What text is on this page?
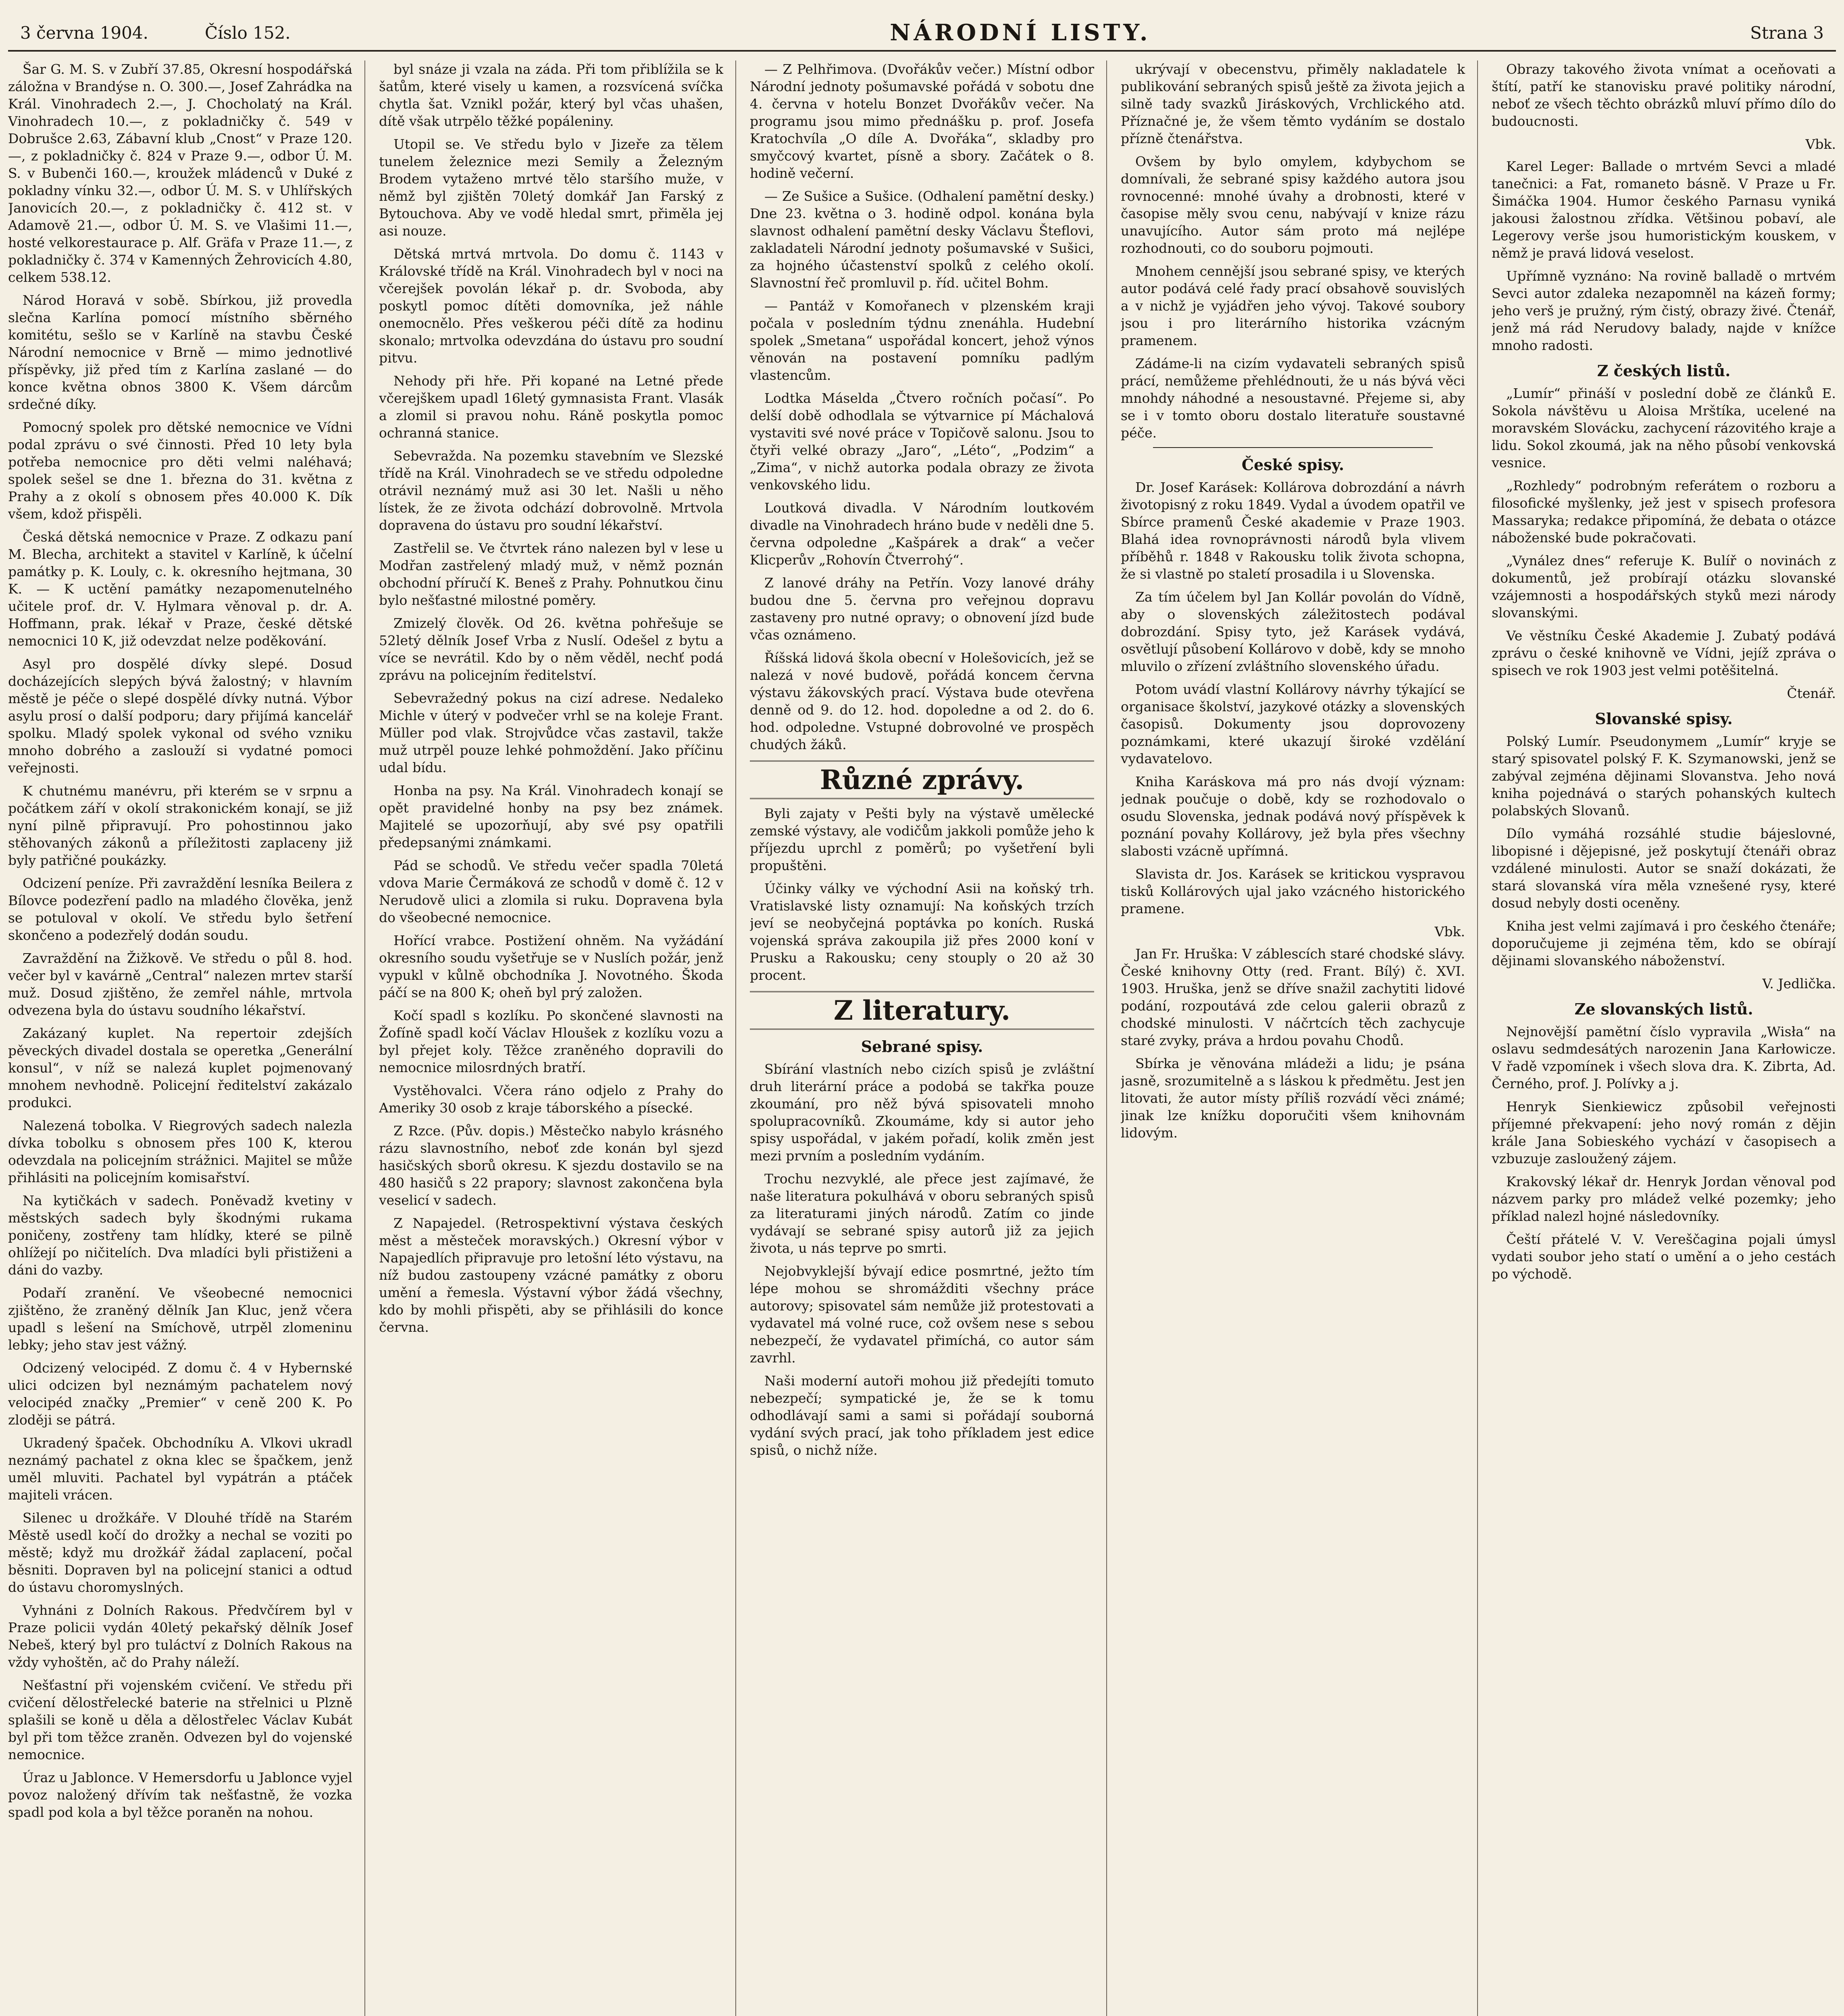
3 června 1904.	Číslo 152.	NÁRODNÍ LISTY.	Strana 3

Šar G. M. S. v Zubří 37.85, Okresní hospodářská záložna v Brandýse n. O. 300.—, Josef Zahrádka na Král. Vinohradech 2.—, J. Chocholatý na Král. Vinohradech 10.—, z pokladničky č. 549 v Dobrušce 2.63, Zábavní klub „Cnost“ v Praze 120.—, z pokladničky č. 824 v Praze 9.—, odbor Ú. M. S. v Bubenči 160.—, kroužek mládenců v Duké z pokladny vínku 32.—, odbor Ú. M. S. v Uhlířských Janovicích 20.—, z pokladničky č. 412 st. v Adamově 21.—, odbor Ú. M. S. ve Vlašimi 11.—, hosté velkorestaurace p. Alf. Gräfa v Praze 11.—, z pokladničky č. 374 v Kamenných Žehrovicích 4.80, celkem 538.12.

Národ Horavá v sobě. Sbírkou, již provedla slečna Karlína pomocí místního sběrného komitétu, sešlo se v Karlíně na stavbu České Národní nemocnice v Brně — mimo jednotlivé příspěvky, již před tím z Karlína zaslané — do konce května obnos 3800 K. Všem dárcům srdečné díky.

Pomocný spolek pro dětské nemocnice ve Vídni podal zprávu o své činnosti. Před 10 lety byla potřeba nemocnice pro děti velmi naléhavá; spolek sešel se dne 1. března do 31. května z Prahy a z okolí s obnosem přes 40.000 K. Dík všem, kdož přispěli.

Česká dětská nemocnice v Praze. Z odkazu paní M. Blecha, architekt a stavitel v Karlíně, k účelní památky p. K. Louly, c. k. okresního hejtmana, 30 K. — K uctění památky nezapomenutelného učitele prof. dr. V. Hylmara věnoval p. dr. A. Hoffmann, prak. lékař v Praze, české dětské nemocnici 10 K, již odevzdat nelze poděkování.

Asyl pro dospělé dívky slepé. Dosud docházejících slepých bývá žalostný; v hlavním městě je péče o slepé dospělé dívky nutná. Výbor asylu prosí o další podporu; dary přijímá kancelář spolku. Mladý spolek vykonal od svého vzniku mnoho dobrého a zaslouží si vydatné pomoci veřejnosti.

K chutnému manévru, při kterém se v srpnu a počátkem září v okolí strakonickém konají, se již nyní pilně připravují. Pro pohostinnou jako stěhovaných zákonů a příležitosti zaplaceny již byly patřičné poukázky.

Odcizení peníze. Při zavraždění lesníka Beilera z Bílovce podezření padlo na mladého člověka, jenž se potuloval v okolí. Ve středu bylo šetření skončeno a podezřelý dodán soudu.

Zavraždění na Žižkově. Ve středu o půl 8. hod. večer byl v kavárně „Central“ nalezen mrtev starší muž. Dosud zjištěno, že zemřel náhle, mrtvola odvezena byla do ústavu soudního lékařství.

Zakázaný kuplet. Na repertoir zdejších pěveckých divadel dostala se operetka „Generální konsul“, v níž se nalezá kuplet pojmenovaný mnohem nevhodně. Policejní ředitelství zakázalo produkci.

Nalezená tobolka. V Riegrových sadech nalezla dívka tobolku s obnosem přes 100 K, kterou odevzdala na policejním strážnici. Majitel se může přihlásiti na policejním komisařství.

Na kytičkách v sadech. Poněvadž kvetiny v městských sadech byly škodnými rukama poničeny, zostřeny tam hlídky, které se pilně ohlížejí po ničitelích. Dva mladíci byli přistiženi a dáni do vazby.

Podaří zranění. Ve všeobecné nemocnici zjištěno, že zraněný dělník Jan Kluc, jenž včera upadl s lešení na Smíchově, utrpěl zlomeninu lebky; jeho stav jest vážný.

Odcizený velocipéd. Z domu č. 4 v Hybernské ulici odcizen byl neznámým pachatelem nový velocipéd značky „Premier“ v ceně 200 K. Po zloději se pátrá.

Ukradený špaček. Obchodníku A. Vlkovi ukradl neznámý pachatel z okna klec se špačkem, jenž uměl mluviti. Pachatel byl vypátrán a ptáček majiteli vrácen.

Silenec u drožkáře. V Dlouhé třídě na Starém Městě usedl kočí do drožky a nechal se voziti po městě; když mu drožkář žádal zaplacení, počal běsniti. Dopraven byl na policejní stanici a odtud do ústavu choromyslných.

Vyhnáni z Dolních Rakous. Předvčírem byl v Praze policii vydán 40letý pekařský dělník Josef Nebeš, který byl pro tuláctví z Dolních Rakous na vždy vyhoštěn, ač do Prahy náleží.

Nešťastní při vojenském cvičení. Ve středu při cvičení dělostřelecké baterie na střelnici u Plzně splašili se koně u děla a dělostřelec Václav Kubát byl při tom těžce zraněn. Odvezen byl do vojenské nemocnice.

Úraz u Jablonce. V Hemersdorfu u Jablonce vyjel povoz naložený dřívím tak nešťastně, že vozka spadl pod kola a byl těžce poraněn na nohou.

byl snáze ji vzala na záda. Při tom přiblížila se k šatům, které visely u kamen, a rozsvícená svíčka chytla šat. Vznikl požár, který byl včas uhašen, dítě však utrpělo těžké popáleniny.

Utopil se. Ve středu bylo v Jizeře za tělem tunelem železnice mezi Semily a Železným Brodem vytaženo mrtvé tělo staršího muže, v němž byl zjištěn 70letý domkář Jan Farský z Bytouchova. Aby ve vodě hledal smrt, přiměla jej asi nouze.

Dětská mrtvá mrtvola. Do domu č. 1143 v Královské třídě na Král. Vinohradech byl v noci na včerejšek povolán lékař p. dr. Svoboda, aby poskytl pomoc dítěti domovníka, jež náhle onemocnělo. Přes veškerou péči dítě za hodinu skonalo; mrtvolka odevzdána do ústavu pro soudní pitvu.

Nehody při hře. Při kopané na Letné přede včerejškem upadl 16letý gymnasista Frant. Vlasák a zlomil si pravou nohu. Ráně poskytla pomoc ochranná stanice.

Sebevražda. Na pozemku stavebním ve Slezské třídě na Král. Vinohradech se ve středu odpoledne otrávil neznámý muž asi 30 let. Našli u něho lístek, že ze života odchází dobrovolně. Mrtvola dopravena do ústavu pro soudní lékařství.

Zastřelil se. Ve čtvrtek ráno nalezen byl v lese u Modřan zastřelený mladý muž, v němž poznán obchodní příručí K. Beneš z Prahy. Pohnutkou činu bylo nešťastné milostné poměry.

Zmizelý člověk. Od 26. května pohřešuje se 52letý dělník Josef Vrba z Nuslí. Odešel z bytu a více se nevrátil. Kdo by o něm věděl, nechť podá zprávu na policejním ředitelství.

Sebevražedný pokus na cizí adrese. Nedaleko Michle v úterý v podvečer vrhl se na koleje Frant. Müller pod vlak. Strojvůdce včas zastavil, takže muž utrpěl pouze lehké pohmoždění. Jako příčinu udal bídu.

Honba na psy. Na Král. Vinohradech konají se opět pravidelné honby na psy bez známek. Majitelé se upozorňují, aby své psy opatřili předepsanými známkami.

Pád se schodů. Ve středu večer spadla 70letá vdova Marie Čermáková ze schodů v domě č. 12 v Nerudově ulici a zlomila si ruku. Dopravena byla do všeobecné nemocnice.

Hořící vrabce. Postižení ohněm. Na vyžádání okresního soudu vyšetřuje se v Nuslích požár, jenž vypukl v kůlně obchodníka J. Novotného. Škoda páčí se na 800 K; oheň byl prý založen.

Kočí spadl s kozlíku. Po skončené slavnosti na Žofíně spadl kočí Václav Hloušek z kozlíku vozu a byl přejet koly. Těžce zraněného dopravili do nemocnice milosrdných bratří.

Vystěhovalci. Včera ráno odjelo z Prahy do Ameriky 30 osob z kraje táborského a písecké.

Z Rzce. (Pův. dopis.) Městečko nabylo krásného rázu slavnostního, neboť zde konán byl sjezd hasičských sborů okresu. K sjezdu dostavilo se na 480 hasičů s 22 prapory; slavnost zakončena byla veselicí v sadech.

Z Napajedel. (Retrospektivní výstava českých měst a městeček moravských.) Okresní výbor v Napajedlích připravuje pro letošní léto výstavu, na níž budou zastoupeny vzácné památky z oboru umění a řemesla. Výstavní výbor žádá všechny, kdo by mohli přispěti, aby se přihlásili do konce června.

— Z Pelhřimova. (Dvořákův večer.) Místní odbor Národní jednoty pošumavské pořádá v sobotu dne 4. června v hotelu Bonzet Dvořákův večer. Na programu jsou mimo přednášku p. prof. Josefa Kratochvíla „O díle A. Dvořáka“, skladby pro smyčcový kvartet, písně a sbory. Začátek o 8. hodině večerní.

— Ze Sušice a Sušice. (Odhalení pamětní desky.) Dne 23. května o 3. hodině odpol. konána byla slavnost odhalení pamětní desky Václavu Šteflovi, zakladateli Národní jednoty pošumavské v Sušici, za hojného účastenství spolků z celého okolí. Slavnostní řeč promluvil p. říd. učitel Bohm.

— Pantáž v Komořanech v plzenském kraji počala v posledním týdnu znenáhla. Hudební spolek „Smetana“ uspořádal koncert, jehož výnos věnován na postavení pomníku padlým vlastencům.

Lodtka Máselda „Čtvero ročních počasí“. Po delší době odhodlala se výtvarnice pí Máchalová vystaviti své nové práce v Topičově salonu. Jsou to čtyři velké obrazy „Jaro“, „Léto“, „Podzim“ a „Zima“, v nichž autorka podala obrazy ze života venkovského lidu.

Loutková divadla. V Národním loutkovém divadle na Vinohradech hráno bude v neděli dne 5. června odpoledne „Kašpárek a drak“ a večer Klicperův „Rohovín Čtverrohý“.

Z lanové dráhy na Petřín. Vozy lanové dráhy budou dne 5. června pro veřejnou dopravu zastaveny pro nutné opravy; o obnovení jízd bude včas oznámeno.

Říšská lidová škola obecní v Holešovicích, jež se nalezá v nové budově, pořádá koncem června výstavu žákovských prací. Výstava bude otevřena denně od 9. do 12. hod. dopoledne a od 2. do 6. hod. odpoledne. Vstupné dobrovolné ve prospěch chudých žáků.

Různé zprávy.

Byli zajaty v Pešti byly na výstavě umělecké zemské výstavy, ale vodičům jakkoli pomůže jeho k příjezdu uprchl z poměrů; po vyšetření byli propuštěni.

Účinky války ve východní Asii na koňský trh. Vratislavské listy oznamují: Na koňských trzích jeví se neobyčejná poptávka po koních. Ruská vojenská správa zakoupila již přes 2000 koní v Prusku a Rakousku; ceny stouply o 20 až 30 procent.

Z literatury.
Sebrané spisy.

Sbírání vlastních nebo cizích spisů je zvláštní druh literární práce a podobá se takřka pouze zkoumání, pro něž bývá spisovateli mnoho spolupracovníků. Zkoumáme, kdy si autor jeho spisy uspořádal, v jakém pořadí, kolik změn jest mezi prvním a posledním vydáním.

Trochu nezvyklé, ale přece jest zajímavé, že naše literatura pokulhává v oboru sebraných spisů za literaturami jiných národů. Zatím co jinde vydávají se sebrané spisy autorů již za jejich života, u nás teprve po smrti.

Nejobvyklejší bývají edice posmrtné, ježto tím lépe mohou se shromážditi všechny práce autorovy; spisovatel sám nemůže již protestovati a vydavatel má volné ruce, což ovšem nese s sebou nebezpečí, že vydavatel přimíchá, co autor sám zavrhl.

Naši moderní autoři mohou již předejíti tomuto nebezpečí; sympatické je, že se k tomu odhodlávají sami a sami si pořádají souborná vydání svých prací, jak toho příkladem jest edice spisů, o nichž níže.

ukrývají v obecenstvu, přiměly nakladatele k publikování sebraných spisů ještě za života jejich a silně tady svazků Jiráskových, Vrchlického atd. Příznačné je, že všem těmto vydáním se dostalo přízně čtenářstva.

Ovšem by bylo omylem, kdybychom se domnívali, že sebrané spisy každého autora jsou rovnocenné: mnohé úvahy a drobnosti, které v časopise měly svou cenu, nabývají v knize rázu unavujícího. Autor sám proto má nejlépe rozhodnouti, co do souboru pojmouti.

Mnohem cennější jsou sebrané spisy, ve kterých autor podává celé řady prací obsahově souvislých a v nichž je vyjádřen jeho vývoj. Takové soubory jsou i pro literárního historika vzácným pramenem.

Zádáme-li na cizím vydavateli sebraných spisů prácí, nemůžeme přehlédnouti, že u nás bývá věci mnohdy náhodné a nesoustavné. Přejeme si, aby se i v tomto oboru dostalo literatuře soustavné péče.

České spisy.

Dr. Josef Karásek: Kollárova dobrozdání a návrh životopisný z roku 1849. Vydal a úvodem opatřil ve Sbírce pramenů České akademie v Praze 1903. Blahá idea rovnoprávnosti národů byla vlivem příběhů r. 1848 v Rakousku tolik života schopna, že si vlastně po staletí prosadila i u Slovenska.

Za tím účelem byl Jan Kollár povolán do Vídně, aby o slovenských záležitostech podával dobrozdání. Spisy tyto, jež Karásek vydává, osvětlují působení Kollárovo v době, kdy se mnoho mluvilo o zřízení zvláštního slovenského úřadu.

Potom uvádí vlastní Kollárovy návrhy týkající se organisace školství, jazykové otázky a slovenských časopisů. Dokumenty jsou doprovozeny poznámkami, které ukazují široké vzdělání vydavatelovo.

Kniha Karáskova má pro nás dvojí význam: jednak poučuje o době, kdy se rozhodovalo o osudu Slovenska, jednak podává nový příspěvek k poznání povahy Kollárovy, jež byla přes všechny slabosti vzácně upřímná.

Slavista dr. Jos. Karásek se kritickou vyspravou tisků Kollárových ujal jako vzácného historického pramene.

Vbk.

Jan Fr. Hruška: V záblescích staré chodské slávy. České knihovny Otty (red. Frant. Bílý) č. XVI. 1903. Hruška, jenž se dříve snažil zachytiti lidové podání, rozpoutává zde celou galerii obrazů z chodské minulosti. V náčrtcích těch zachycuje staré zvyky, práva a hrdou povahu Chodů.

Sbírka je věnována mládeži a lidu; je psána jasně, srozumitelně a s láskou k předmětu. Jest jen litovati, že autor místy příliš rozvádí věci známé; jinak lze knížku doporučiti všem knihovnám lidovým.

Obrazy takového života vnímat a oceňovati a štítí, patří ke stanovisku pravé politiky národní, neboť ze všech těchto obrázků mluví přímo dílo do budoucnosti.

Vbk.

Karel Leger: Ballade o mrtvém Sevci a mladé tanečnici: a Fat, romaneto básně. V Praze u Fr. Šimáčka 1904. Humor českého Parnasu vyniká jakousi žalostnou zřídka. Většinou pobaví, ale Legerovy verše jsou humoristickým kouskem, v němž je pravá lidová veselost.

Upřímně vyznáno: Na rovině balladě o mrtvém Sevci autor zdaleka nezapomněl na kázeň formy; jeho verš je pružný, rým čistý, obrazy živé. Čtenář, jenž má rád Nerudovy balady, najde v knížce mnoho radosti.

Z českých listů.

„Lumír“ přináší v poslední době ze článků E. Sokola návštěvu u Aloisa Mrštíka, ucelené na moravském Slovácku, zachycení rázovitého kraje a lidu. Sokol zkoumá, jak na něho působí venkovská vesnice.

„Rozhledy“ podrobným referátem o rozboru a filosofické myšlenky, jež jest v spisech profesora Massaryka; redakce připomíná, že debata o otázce náboženské bude pokračovati.

„Vynález dnes“ referuje K. Bulíř o novinách z dokumentů, jež probírají otázku slovanské vzájemnosti a hospodářských styků mezi národy slovanskými.

Ve věstníku České Akademie J. Zubatý podává zprávu o české knihovně ve Vídni, jejíž zpráva o spisech ve rok 1903 jest velmi potěšitelná.

Čtenář.
Slovanské spisy.

Polský Lumír. Pseudonymem „Lumír“ kryje se starý spisovatel polský F. K. Szymanowski, jenž se zabýval zejména dějinami Slovanstva. Jeho nová kniha pojednává o starých pohanských kultech polabských Slovanů.

Dílo vymáhá rozsáhlé studie bájeslovné, libopisné i dějepisné, jež poskytují čtenáři obraz vzdálené minulosti. Autor se snaží dokázati, že stará slovanská víra měla vznešené rysy, které dosud nebyly dosti oceněny.

Kniha jest velmi zajímavá i pro českého čtenáře; doporučujeme ji zejména těm, kdo se obírají dějinami slovanského náboženství.

V. Jedlička.
Ze slovanských listů.

Nejnovější pamětní číslo vypravila „Wisła“ na oslavu sedmdesátých narozenin Jana Karłowicze. V řadě vzpomínek i všech slova dra. K. Zibrta, Ad. Černého, prof. J. Polívky a j.

Henryk Sienkiewicz způsobil veřejnosti příjemné překvapení: jeho nový román z dějin krále Jana Sobieského vychází v časopisech a vzbuzuje zasloužený zájem.

Krakovský lékař dr. Henryk Jordan věnoval pod názvem parky pro mládež velké pozemky; jeho příklad nalezl hojné následovníky.

Čeští přátelé V. V. Vereščagina pojali úmysl vydati soubor jeho statí o umění a o jeho cestách po východě.
